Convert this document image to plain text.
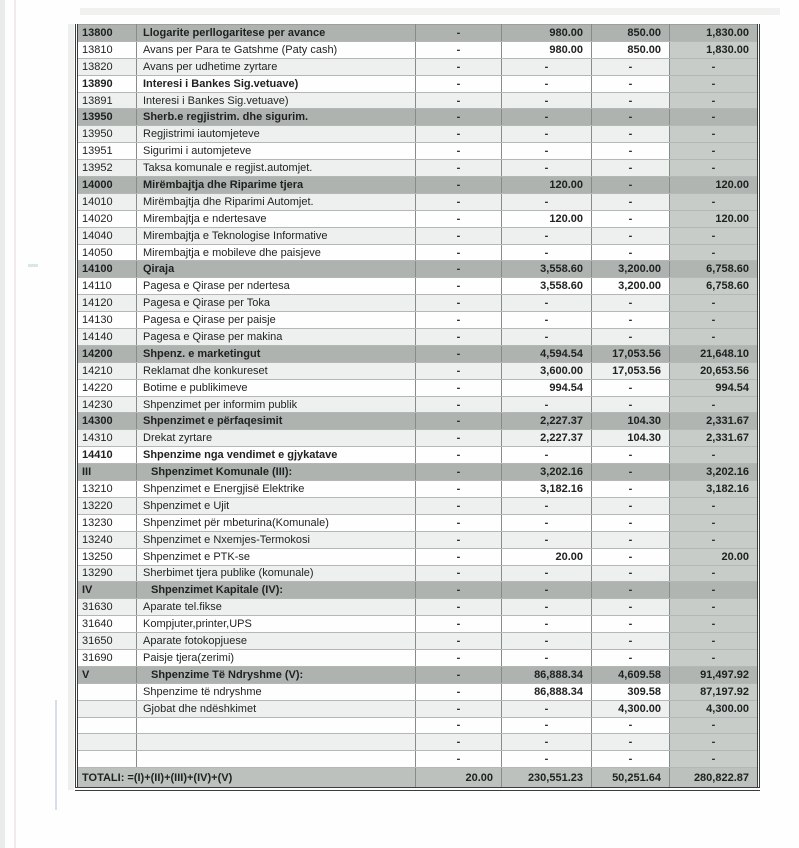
13800	Llogarite perllogaritese per avance	-	980.00	850.00	1,830.00
13810	Avans per Para te Gatshme (Paty cash)	-	980.00	850.00	1,830.00
13820	Avans per udhetime zyrtare	-	-	-	-
13890	Interesi i Bankes Sig.vetuave)	-	-	-	-
13891	Interesi i Bankes Sig.vetuave)	-	-	-	-
13950	Sherb.e regjistrim. dhe sigurim.	-	-	-	-
13950	Regjistrimi iautomjeteve	-	-	-	-
13951	Sigurimi i automjeteve	-	-	-	-
13952	Taksa komunale e regjist.automjet.	-	-	-	-
14000	Mirëmbajtja dhe Riparime tjera	-	120.00	-	120.00
14010	Mirëmbajtja dhe Riparimi Automjet.	-	-	-	-
14020	Mirembajtja e ndertesave	-	120.00	-	120.00
14040	Mirembajtja e Teknologise Informative	-	-	-	-
14050	Mirembajtja e mobileve dhe paisjeve	-	-	-	-
14100	Qiraja	-	3,558.60	3,200.00	6,758.60
14110	Pagesa e Qirase per ndertesa	-	3,558.60	3,200.00	6,758.60
14120	Pagesa e Qirase per Toka	-	-	-	-
14130	Pagesa e Qirase per paisje	-	-	-	-
14140	Pagesa e Qirase per makina	-	-	-	-
14200	Shpenz. e marketingut	-	4,594.54	17,053.56	21,648.10
14210	Reklamat dhe konkureset	-	3,600.00	17,053.56	20,653.56
14220	Botime e publikimeve	-	994.54	-	994.54
14230	Shpenzimet per informim publik	-	-	-	-
14300	Shpenzimet e përfaqesimit	-	2,227.37	104.30	2,331.67
14310	Drekat zyrtare	-	2,227.37	104.30	2,331.67
14410	Shpenzime nga vendimet e gjykatave	-	-	-	-
III	Shpenzimet Komunale (III):	-	3,202.16	-	3,202.16
13210	Shpenzimet e Energjisë Elektrike	-	3,182.16	-	3,182.16
13220	Shpenzimet e Ujit	-	-	-	-
13230	Shpenzimet për mbeturina(Komunale)	-	-	-	-
13240	Shpenzimet e Nxemjes-Termokosi	-	-	-	-
13250	Shpenzimet e PTK-se	-	20.00	-	20.00
13290	Sherbimet tjera publike (komunale)	-	-	-	-
IV	Shpenzimet Kapitale (IV):	-	-	-	-
31630	Aparate tel.fikse	-	-	-	-
31640	Kompjuter,printer,UPS	-	-	-	-
31650	Aparate fotokopjuese	-	-	-	-
31690	Paisje tjera(zerimi)	-	-	-	-
V	Shpenzime Të Ndryshme (V):	-	86,888.34	4,609.58	91,497.92
	Shpenzime të ndryshme	-	86,888.34	309.58	87,197.92
	Gjobat dhe ndëshkimet	-	-	4,300.00	4,300.00
		-	-	-	-
		-	-	-	-
		-	-	-	-
TOTALI: =(I)+(II)+(III)+(IV)+(V)		20.00	230,551.23	50,251.64	280,822.87
